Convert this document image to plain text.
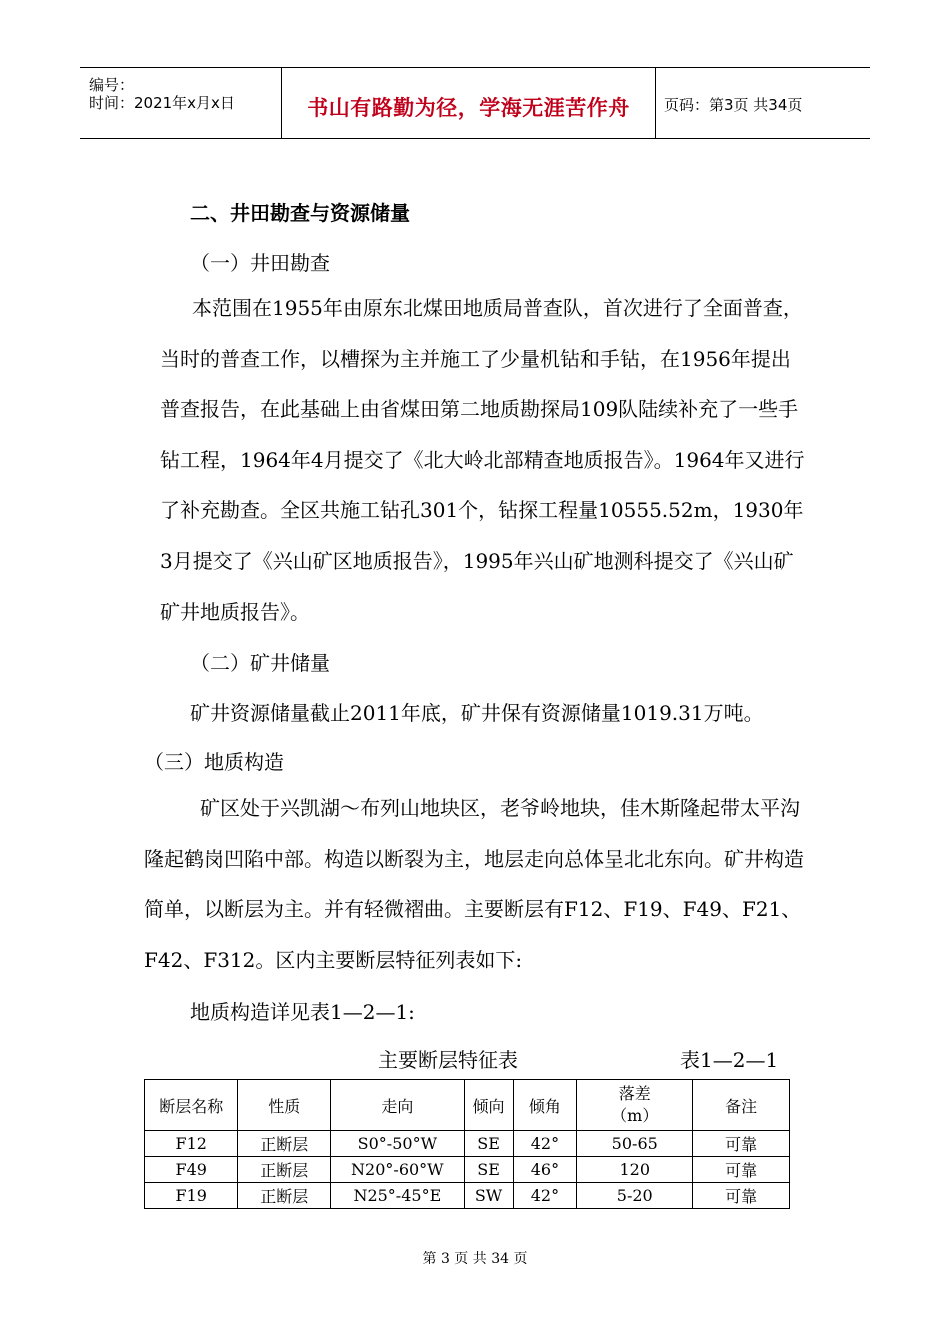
编号：
时间：2021年x月x日	书山有路勤为径，学海无涯苦作舟	页码：第3页 共34页
二、井田勘查与资源储量
（一）井田勘查
本范围在1955年由原东北煤田地质局普查队，首次进行了全面普查，当时的普查工作，以槽探为主并施工了少量机钻和手钻，在1956年提出普查报告，在此基础上由省煤田第二地质勘探局109队陆续补充了一些手钻工程，1964年4月提交了《北大岭北部精查地质报告》。1964年又进行了补充勘查。全区共施工钻孔301个，钻探工程量10555.52m，1930年3月提交了《兴山矿区地质报告》，1995年兴山矿地测科提交了《兴山矿矿井地质报告》。
（二）矿井储量
矿井资源储量截止2011年底，矿井保有资源储量1019.31万吨。
（三）地质构造
矿区处于兴凯湖～布列山地块区，老爷岭地块，佳木斯隆起带太平沟隆起鹤岗凹陷中部。构造以断裂为主，地层走向总体呈北北东向。矿井构造简单，以断层为主。并有轻微褶曲。主要断层有F12、F19、F49、F21、F42、F312。区内主要断层特征列表如下:
地质构造详见表1—2—1:
主要断层特征表	表1—2—1
断层名称	性质	走向	倾向	倾角	落差（m）	备注
F12	正断层	S0°-50°W	SE	42°	50-65	可靠
F49	正断层	N20°-60°W	SE	46°	120	可靠
F19	正断层	N25°-45°E	SW	42°	5-20	可靠
第 3 页 共 34 页
